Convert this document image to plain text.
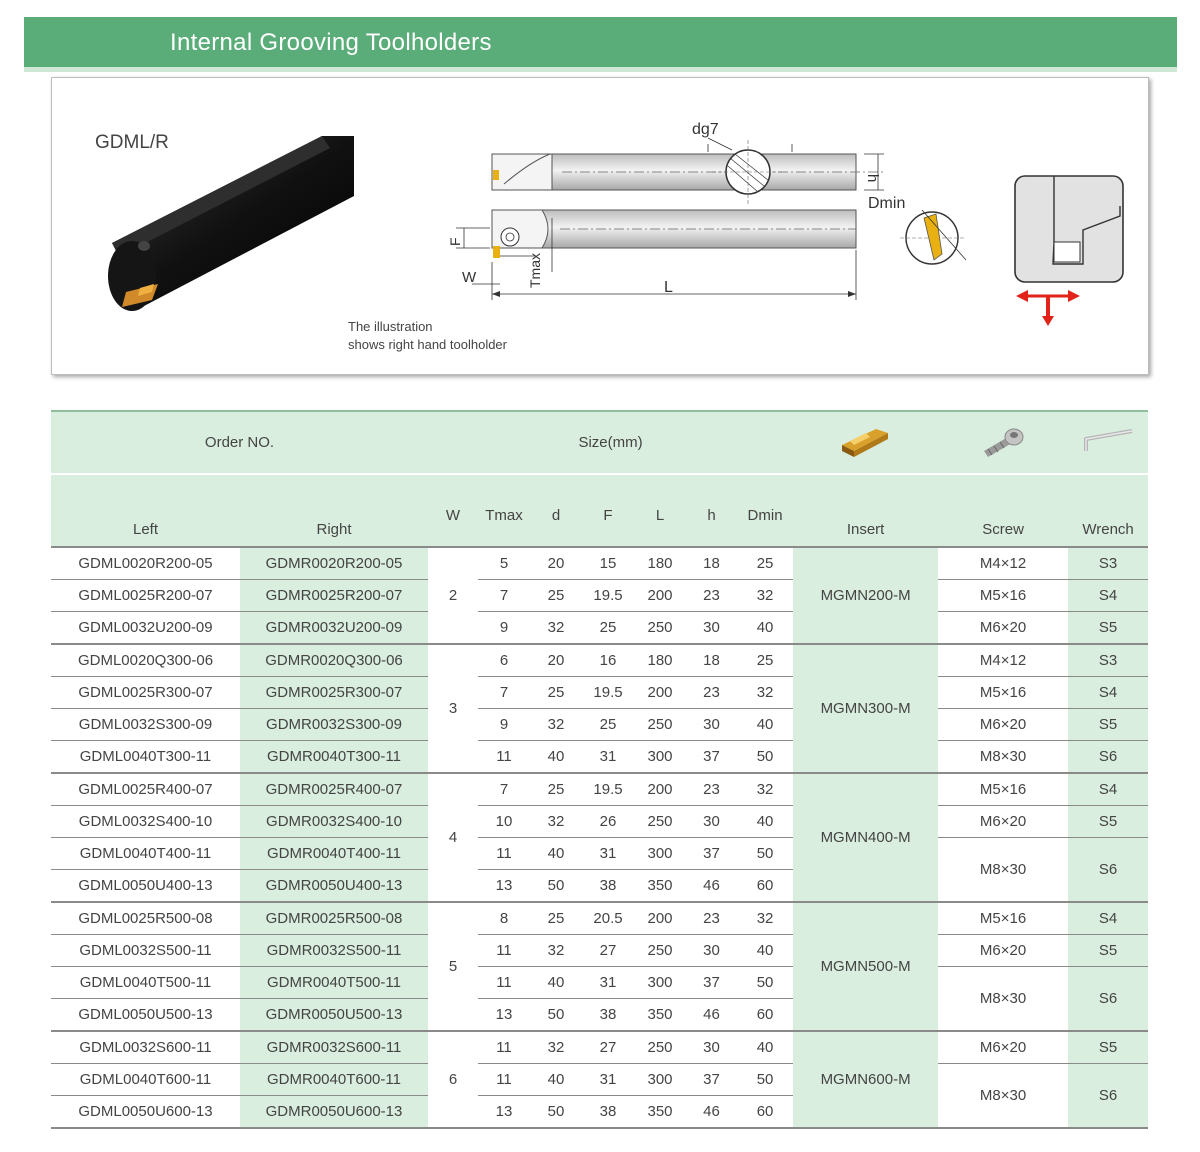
Internal Grooving Toolholders
GDML/R
dg7
h
L
F
W	Tmax
Dmin
The illustration
shows right hand toolholder
Order NO.		Size(mm)			
Left	Right	W	Tmax	d	F	L	h	Dmin	Insert	Screw	Wrench
GDML0020R200-05	GDMR0020R200-05	2	5	20	15	180	18	25	MGMN200-M	M4×12	S3
GDML0025R200-07	GDMR0025R200-07		7	25	19.5	200	23	32		M5×16	S4
GDML0032U200-09	GDMR0032U200-09		9	32	25	250	30	40		M6×20	S5
GDML0020Q300-06	GDMR0020Q300-06	3	6	20	16	180	18	25	MGMN300-M	M4×12	S3
GDML0025R300-07	GDMR0025R300-07		7	25	19.5	200	23	32		M5×16	S4
GDML0032S300-09	GDMR0032S300-09		9	32	25	250	30	40		M6×20	S5
GDML0040T300-11	GDMR0040T300-11		11	40	31	300	37	50		M8×30	S6
GDML0025R400-07	GDMR0025R400-07	4	7	25	19.5	200	23	32	MGMN400-M	M5×16	S4
GDML0032S400-10	GDMR0032S400-10		10	32	26	250	30	40		M6×20	S5
GDML0040T400-11	GDMR0040T400-11		11	40	31	300	37	50		M8×30	S6
GDML0050U400-13	GDMR0050U400-13		13	50	38	350	46	60			
GDML0025R500-08	GDMR0025R500-08	5	8	25	20.5	200	23	32	MGMN500-M	M5×16	S4
GDML0032S500-11	GDMR0032S500-11		11	32	27	250	30	40		M6×20	S5
GDML0040T500-11	GDMR0040T500-11		11	40	31	300	37	50		M8×30	S6
GDML0050U500-13	GDMR0050U500-13		13	50	38	350	46	60			
GDML0032S600-11	GDMR0032S600-11	6	11	32	27	250	30	40	MGMN600-M	M6×20	S5
GDML0040T600-11	GDMR0040T600-11		11	40	31	300	37	50		M8×30	S6
GDML0050U600-13	GDMR0050U600-13		13	50	38	350	46	60			
